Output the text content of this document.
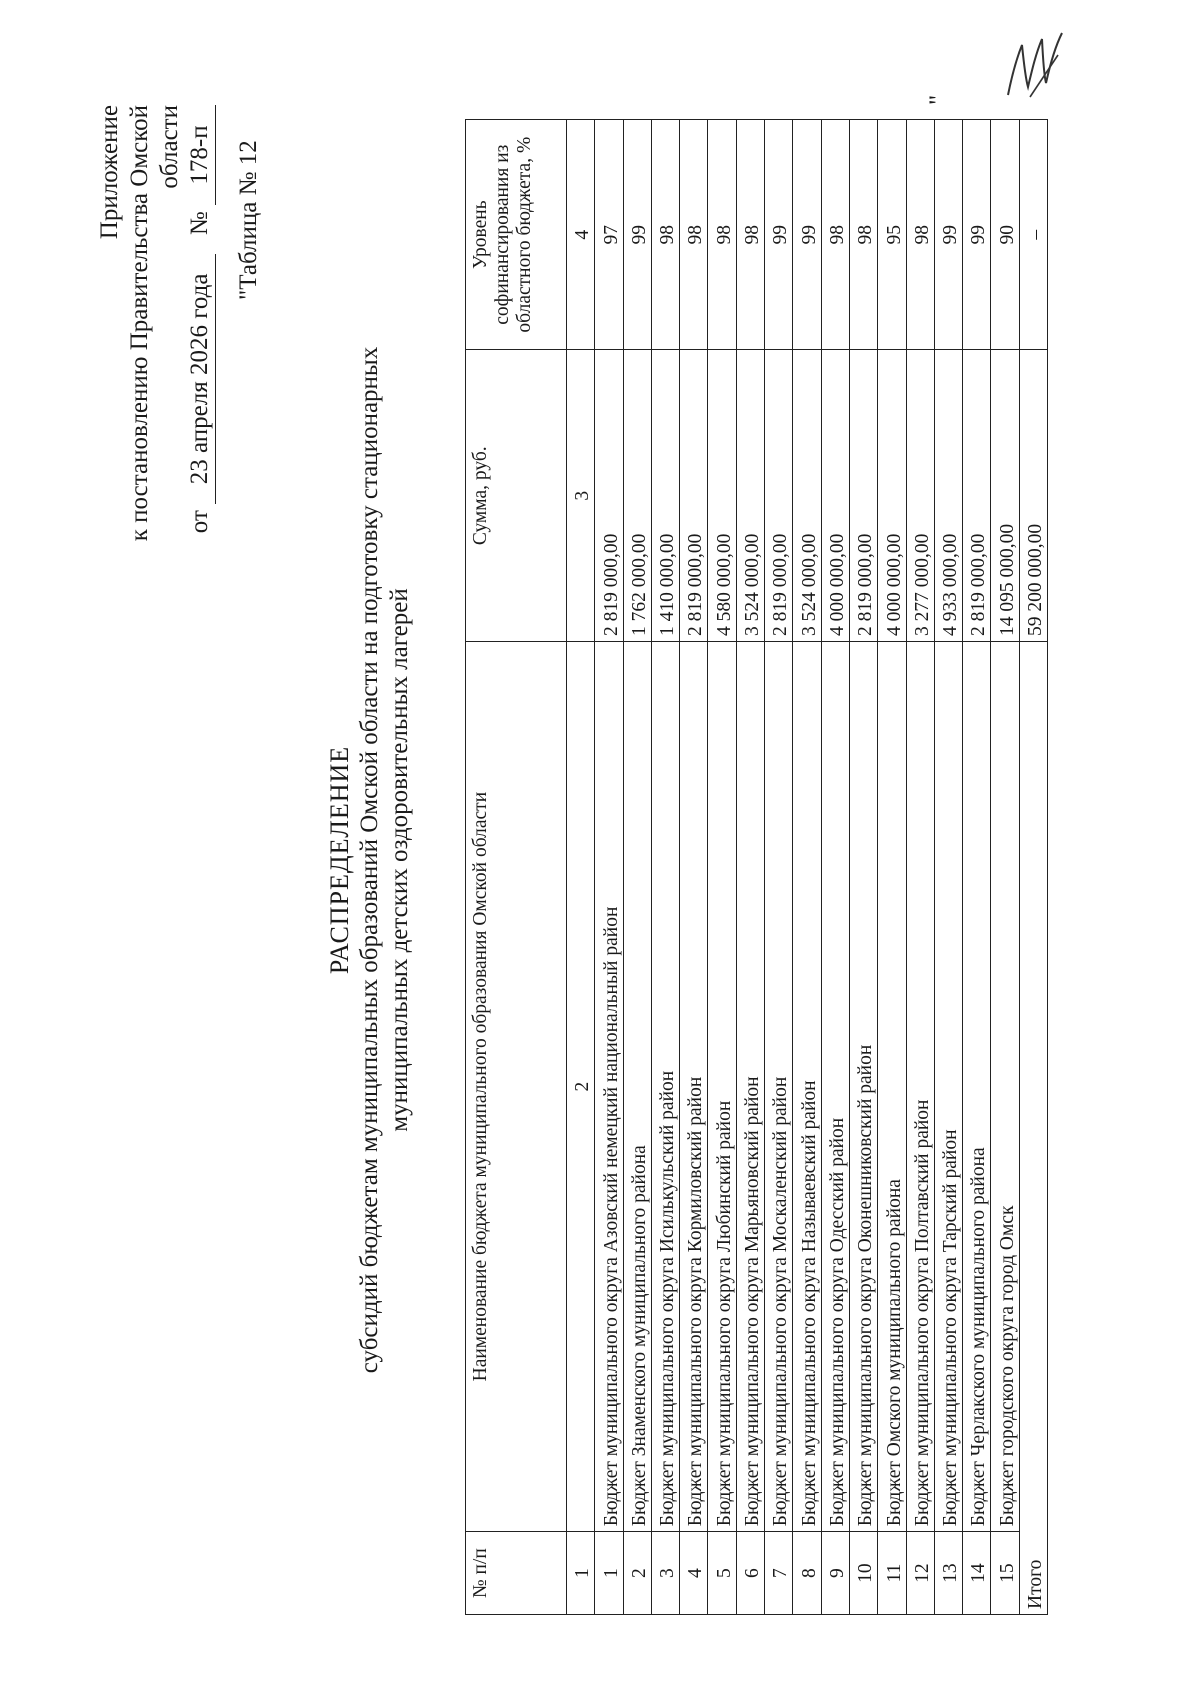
Приложение к постановлению Правительства Омской области
от 23 апреля 2026 года   № 178-п "Таблица № 12
РАСПРЕДЕЛЕНИЕ субсидий бюджетам муниципальных образований Омской области на подготовку стационарных муниципальных детских оздоровительных лагерей
№ п/п	Наименование бюджета муниципального образования Омской области	Сумма, руб.	Уровень софинансирования из областного бюджета, %
1	2	3	4
1	Бюджет муниципального округа Азовский немецкий национальный район	2 819 000,00	97
2	Бюджет Знаменского муниципального района	1 762 000,00	99
3	Бюджет муниципального округа Исилькульский район	1 410 000,00	98
4	Бюджет муниципального округа Кормиловский район	2 819 000,00	98
5	Бюджет муниципального округа Любинский район	4 580 000,00	98
6	Бюджет муниципального округа Марьяновский район	3 524 000,00	98
7	Бюджет муниципального округа Москаленский район	2 819 000,00	99
8	Бюджет муниципального округа Называевский район	3 524 000,00	99
9	Бюджет муниципального округа Одесский район	4 000 000,00	98
10	Бюджет муниципального округа Оконешниковский район	2 819 000,00	98
11	Бюджет Омского муниципального района	4 000 000,00	95
12	Бюджет муниципального округа Полтавский район	3 277 000,00	98
13	Бюджет муниципального округа Тарский район	4 933 000,00	99
14	Бюджет Черлакского муниципального района	2 819 000,00	99
15	Бюджет городского округа город Омск	14 095 000,00	90
Итого		59 200 000,00	–
"
